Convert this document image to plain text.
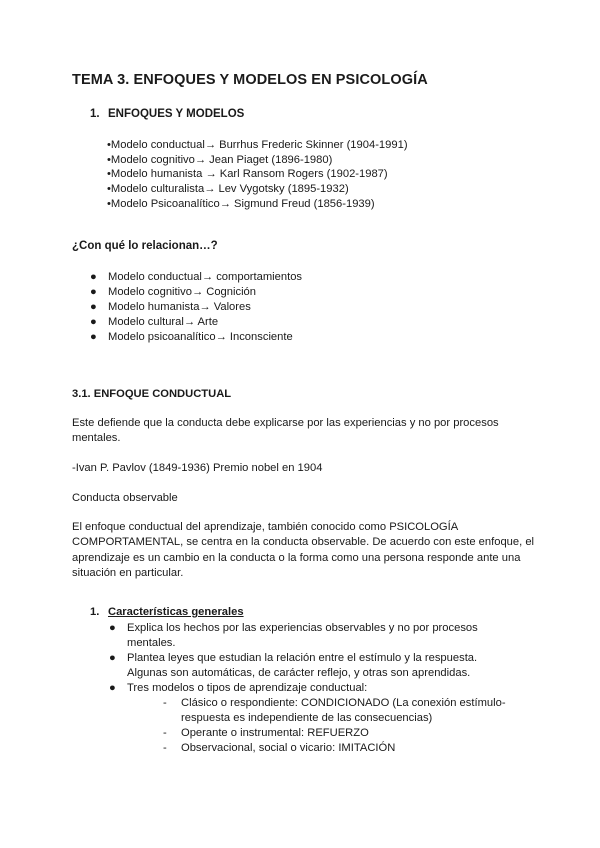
TEMA 3. ENFOQUES Y MODELOS EN PSICOLOGÍA
1. ENFOQUES Y MODELOS
•Modelo conductual→ Burrhus Frederic Skinner (1904-1991)
•Modelo cognitivo→ Jean Piaget (1896-1980)
•Modelo humanista → Karl Ransom Rogers (1902-1987)
•Modelo culturalista→ Lev Vygotsky (1895-1932)
•Modelo Psicoanalítico→ Sigmund Freud (1856-1939)
¿Con qué lo relacionan…?
● Modelo conductual→ comportamientos
● Modelo cognitivo→ Cognición
● Modelo humanista→ Valores
● Modelo cultural→ Arte
● Modelo psicoanalítico→ Inconsciente
3.1. ENFOQUE CONDUCTUAL
Este defiende que la conducta debe explicarse por las experiencias y no por procesos mentales.
-Ivan P. Pavlov (1849-1936) Premio nobel en 1904
Conducta observable
El enfoque conductual del aprendizaje, también conocido como PSICOLOGÍA COMPORTAMENTAL, se centra en la conducta observable. De acuerdo con este enfoque, el aprendizaje es un cambio en la conducta o la forma como una persona responde ante una situación en particular.
1. Características generales
● Explica los hechos por las experiencias observables y no por procesos mentales.
● Plantea leyes que estudian la relación entre el estímulo y la respuesta. Algunas son automáticas, de carácter reflejo, y otras son aprendidas.
● Tres modelos o tipos de aprendizaje conductual:
- Clásico o respondiente: CONDICIONADO (La conexión estímulo-respuesta es independiente de las consecuencias)
- Operante o instrumental: REFUERZO
- Observacional, social o vicario: IMITACIÓN
